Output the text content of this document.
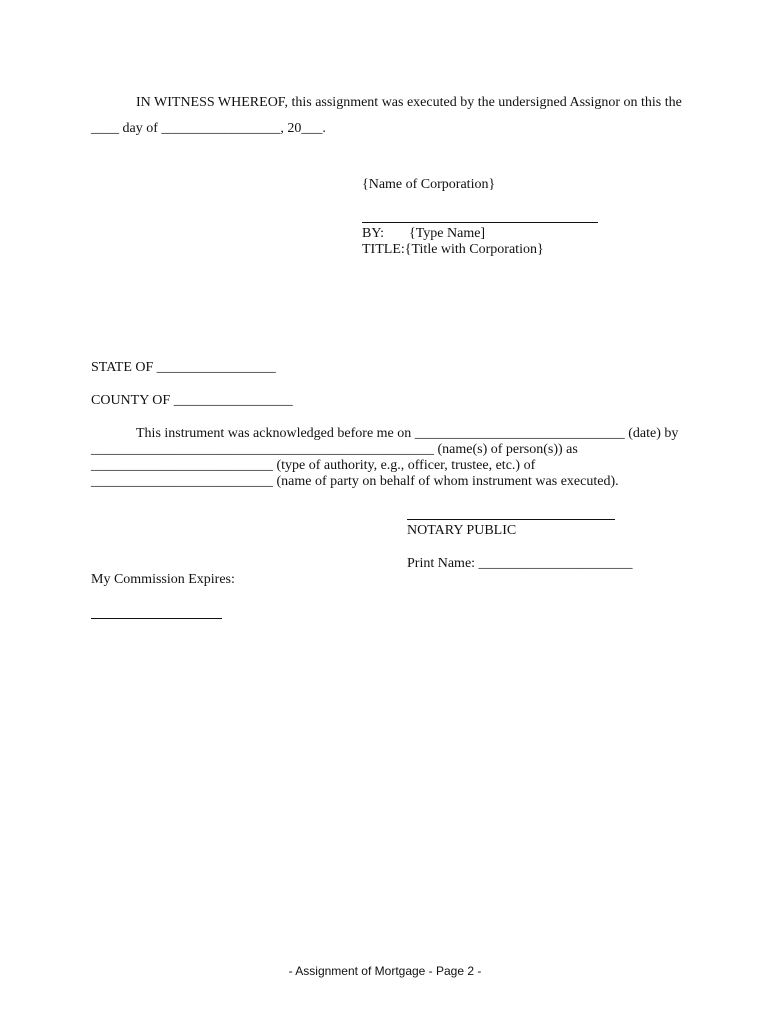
IN WITNESS WHEREOF, this assignment was executed by the undersigned Assignor on this the
____ day of _________________, 20___.
{Name of Corporation}
BY: {Type Name]
TITLE:{Title with Corporation}
STATE OF _________________
COUNTY OF _________________
This instrument was acknowledged before me on ______________________________ (date) by
_________________________________________________ (name(s) of person(s)) as
__________________________ (type of authority, e.g., officer, trustee, etc.) of
__________________________ (name of party on behalf of whom instrument was executed).
NOTARY PUBLIC
Print Name: ______________________
My Commission Expires:
- Assignment of Mortgage - Page 2 -
